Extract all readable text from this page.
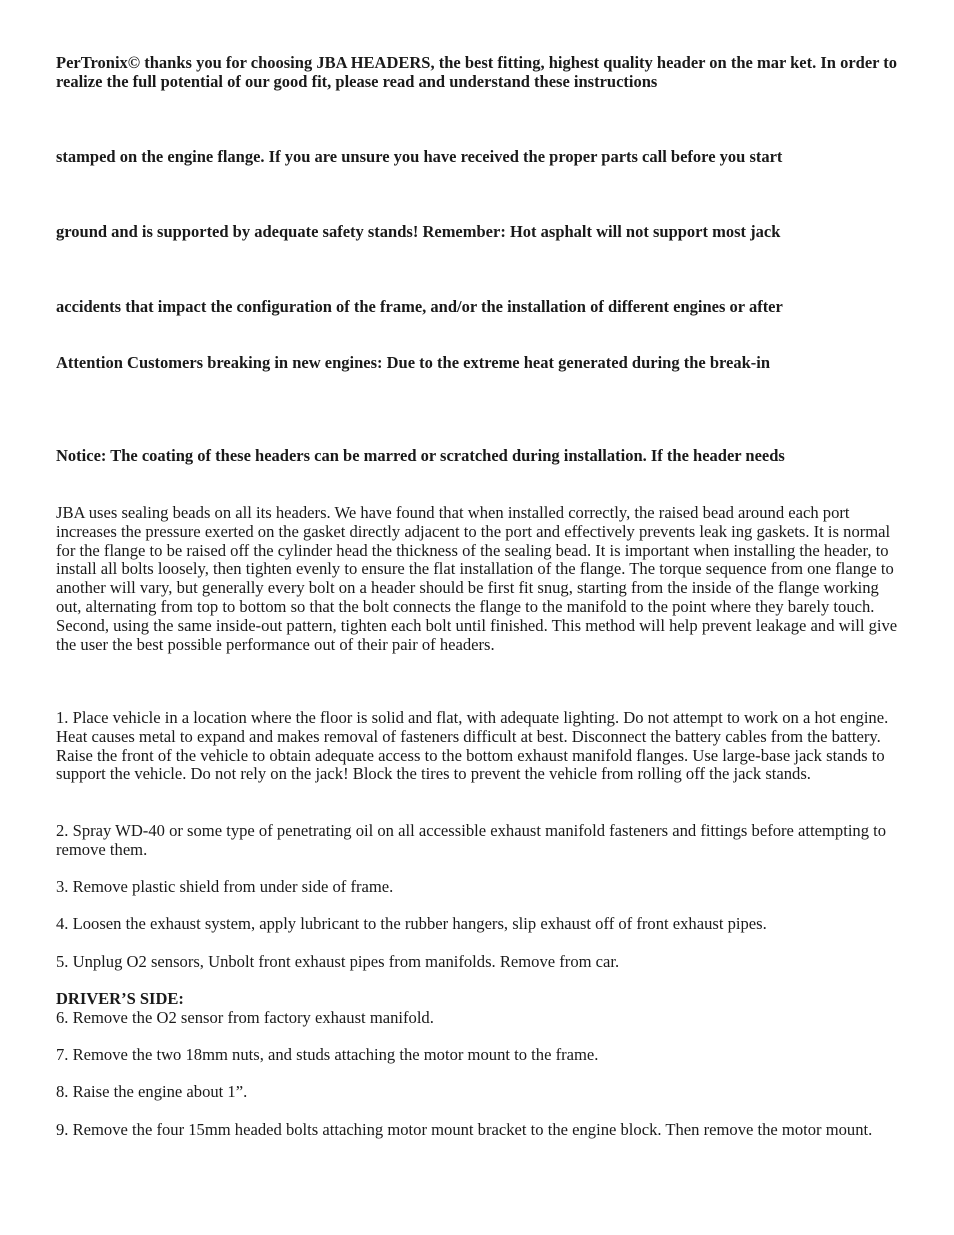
PerTronix© thanks you for choosing JBA HEADERS, the best fitting, highest quality header on the mar ket. In order to realize the full potential of our good fit, please read and understand these instructions

stamped on the engine flange. If you are unsure you have received the proper parts call before you start

ground and is supported by adequate safety stands! Remember: Hot asphalt will not support most jack

accidents that impact the configuration of the frame, and/or the installation of different engines or after

Attention Customers breaking in new engines: Due to the extreme heat generated during the break-in

Notice: The coating of these headers can be marred or scratched during installation. If the header needs

JBA uses sealing beads on all its headers. We have found that when installed correctly, the raised bead around each port increases the pressure exerted on the gasket directly adjacent to the port and effectively prevents leak ing gaskets. It is normal for the flange to be raised off the cylinder head the thickness of the sealing bead. It is important when installing the header, to install all bolts loosely, then tighten evenly to ensure the flat installation of the flange. The torque sequence from one flange to another will vary, but generally every bolt on a header should be first fit snug, starting from the inside of the flange working out, alternating from top to bottom so that the bolt connects the flange to the manifold to the point where they barely touch. Second, using the same inside-out pattern, tighten each bolt until finished. This method will help prevent leakage and will give the user the best possible performance out of their pair of headers.

1. Place vehicle in a location where the floor is solid and flat, with adequate lighting. Do not attempt to work on a hot engine. Heat causes metal to expand and makes removal of fasteners difficult at best. Disconnect the battery cables from the battery. Raise the front of the vehicle to obtain adequate access to the bottom exhaust manifold flanges. Use large-base jack stands to support the vehicle. Do not rely on the jack! Block the tires to prevent the vehicle from rolling off the jack stands.

2. Spray WD-40 or some type of penetrating oil on all accessible exhaust manifold fasteners and fittings before attempting to remove them.

3. Remove plastic shield from under side of frame.

4. Loosen the exhaust system, apply lubricant to the rubber hangers, slip exhaust off of front exhaust pipes.

5. Unplug O2 sensors, Unbolt front exhaust pipes from manifolds. Remove from car.

DRIVER’S SIDE:

6. Remove the O2 sensor from factory exhaust manifold.

7. Remove the two 18mm nuts, and studs attaching the motor mount to the frame.

8. Raise the engine about 1”.

9. Remove the four 15mm headed bolts attaching motor mount bracket to the engine block. Then remove the motor mount.
